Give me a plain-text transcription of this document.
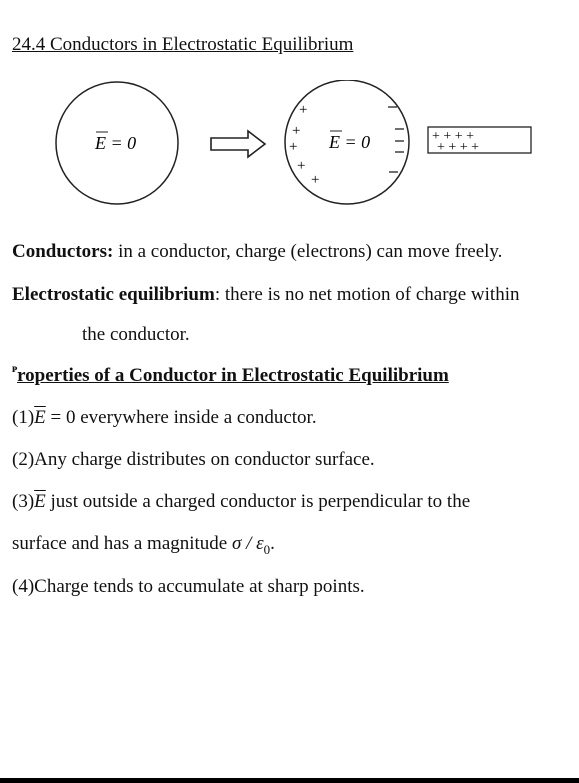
24.4 Conductors in Electrostatic Equilibrium
E = 0	E = 0
+
+
+
+
+
+ + + +
+ + + +
Conductors: in a conductor, charge (electrons) can move freely.
Electrostatic equilibrium: there is no net motion of charge within
the conductor.
$^ᴾ$roperties of a Conductor in Electrostatic Equilibrium
$(1)\overline{E} = 0$ everywhere inside a conductor.
(2)Any charge distributes on conductor surface.
$(3)\overline{E}$ just outside a charged conductor is perpendicular to the
surface and has a magnitude σ / $\varepsilon_0$.
(4)Charge tends to accumulate at sharp points.
